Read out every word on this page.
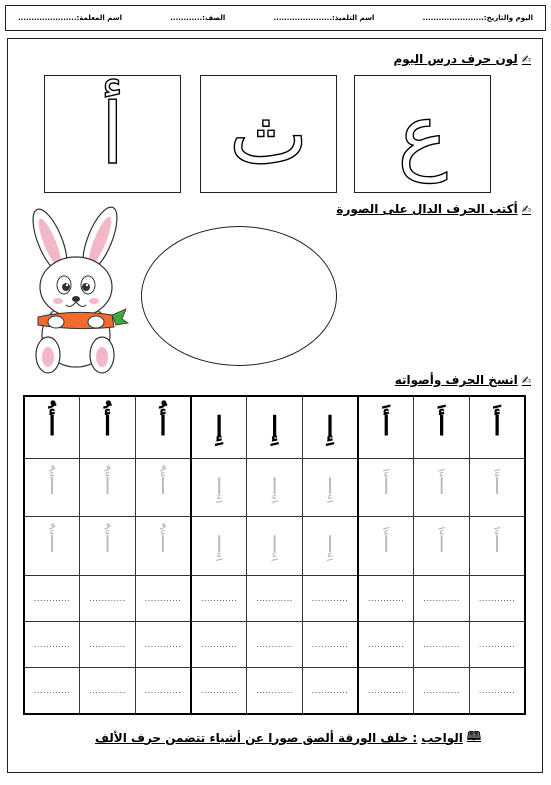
اليوم والتاريخ:.......................
اسم التلميذ:......................
الصف:............
اسم المعلمة:......................
✍
لون حرف درس اليوم
ع
ث
أ
✍
أكتب الحرف الدال على الصورة
✍
انسخ الحرف وأصواته
أَ	أَ	أَ	إِ	إِ	إِ	أُ	أُ	أُ
أَ	أَ	أَ	إِ	إِ	إِ	أُ	أُ	أُ
أَ	أَ	أَ	إِ	إِ	إِ	أُ	أُ	أُ
............	............	............	............	............	............	............	............	............
............	............	............	............	............	............	............	............	............
............	............	............	............	............	............	............	............	............
🕮
الواجب
: خلف الورقة ألصق صورا عن أشياء تتضمن حرف الألف
